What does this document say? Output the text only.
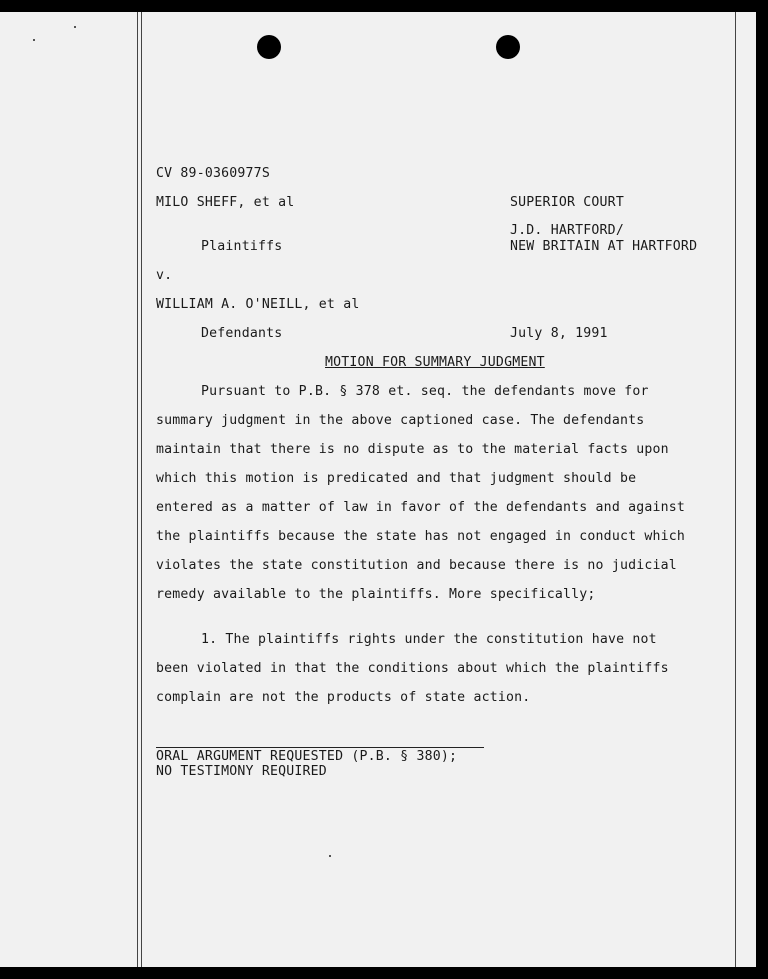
CV 89-0360977S

MILO SHEFF, et al	SUPERIOR COURT

J.D. HARTFORD/

NEW BRITAIN AT HARTFORD

Plaintiffs

v.

WILLIAM A. O'NEILL, et al

Defendants	July 8, 1991

MOTION FOR SUMMARY JUDGMENT

Pursuant to P.B. § 378 et. seq. the defendants move for
summary judgment in the above captioned case. The defendants
maintain that there is no dispute as to the material facts upon
which this motion is predicated and that judgment should be
entered as a matter of law in favor of the defendants and against
the plaintiffs because the state has not engaged in conduct which
violates the state constitution and because there is no judicial
remedy available to the plaintiffs. More specifically;
1. The plaintiffs rights under the constitution have not
been violated in that the conditions about which the plaintiffs
complain are not the products of state action.

ORAL ARGUMENT REQUESTED (P.B. § 380);

NO TESTIMONY REQUIRED
